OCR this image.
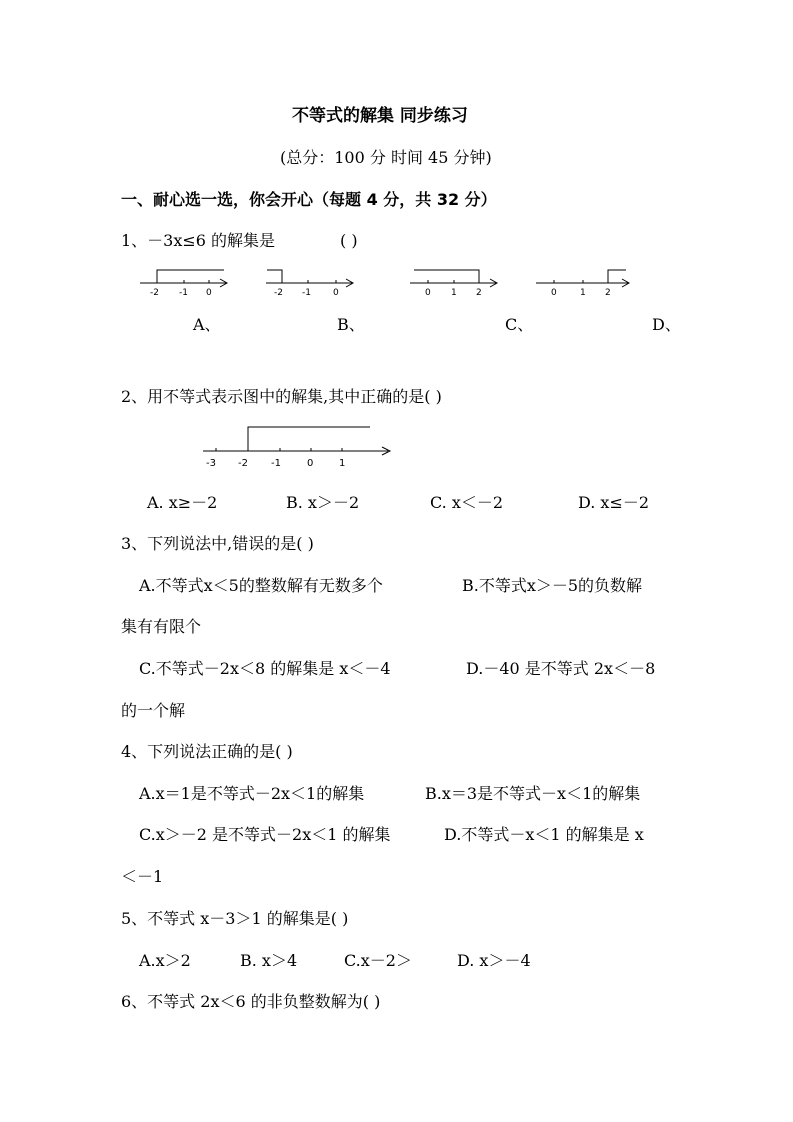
不等式的解集 同步练习
(总分：100 分 时间 45 分钟)
一、耐心选一选，你会开心（每题 4 分，共 32 分）
1、－3x≤6 的解集是	( )
-2 -1 0	-2 -1 0	0 1 2	0	1 2
A、	B、	C、	D、
2、用不等式表示图中的解集,其中正确的是( )
-3 -2 -1	0	1
A. x≥－2	B. x＞－2	C. x＜－2	D. x≤－2
3、下列说法中,错误的是( )
A.不等式x＜5的整数解有无数多个	B.不等式x＞－5的负数解
集有有限个
C.不等式－2x＜8 的解集是 x＜－4	D.－40 是不等式 2x＜－8
的一个解
4、下列说法正确的是( )
A.x＝1是不等式－2x＜1的解集	B.x＝3是不等式－x＜1的解集
C.x＞－2 是不等式－2x＜1 的解集	D.不等式－x＜1 的解集是 x
＜－1
5、不等式 x－3＞1 的解集是( )
A.x＞2	B. x＞4	C.x－2＞	D. x＞－4
6、不等式 2x＜6 的非负整数解为( )
